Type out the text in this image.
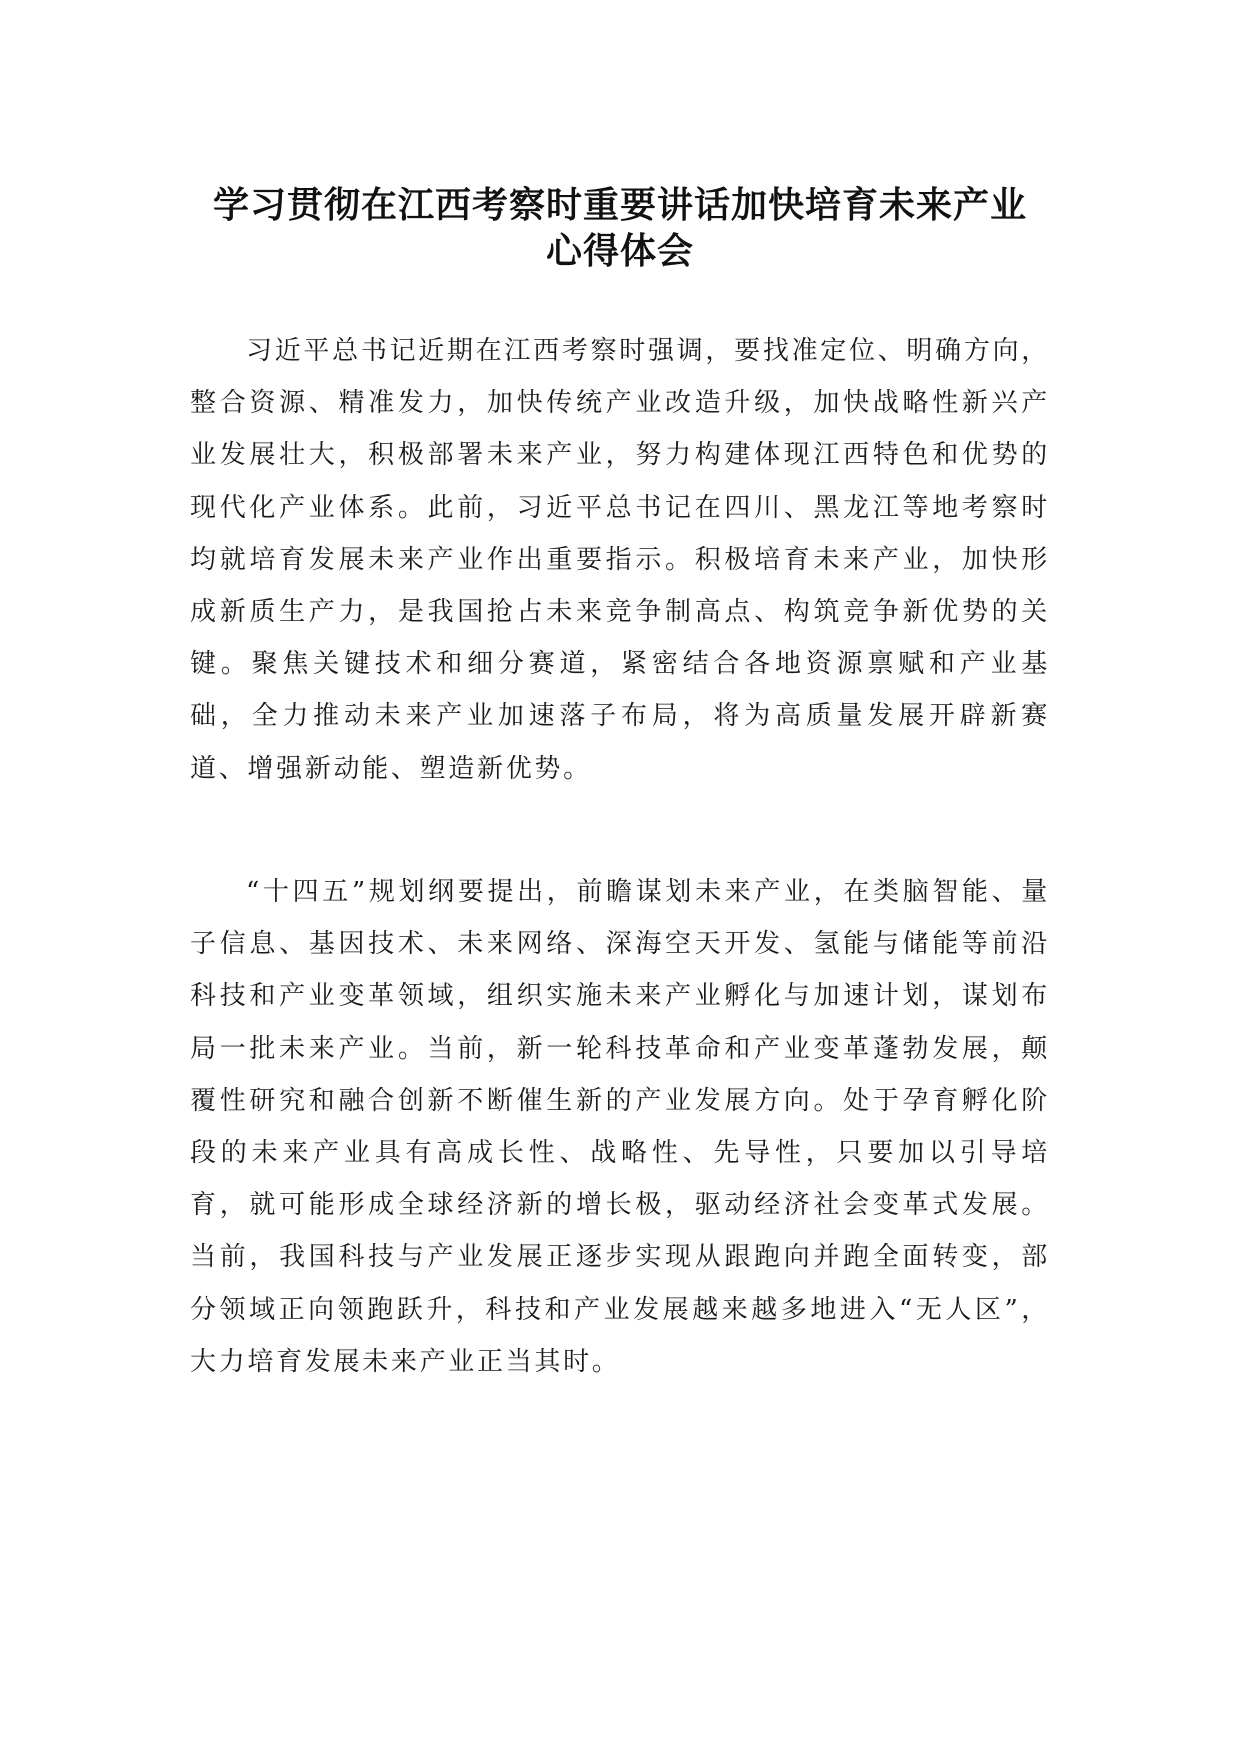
学习贯彻在江西考察时重要讲话加快培育未来产业
心得体会

习近平总书记近期在江西考察时强调，要找准定位、明确方向，整合资源、精准发力，加快传统产业改造升级，加快战略性新兴产业发展壮大，积极部署未来产业，努力构建体现江西特色和优势的现代化产业体系。此前，习近平总书记在四川、黑龙江等地考察时均就培育发展未来产业作出重要指示。积极培育未来产业，加快形成新质生产力，是我国抢占未来竞争制高点、构筑竞争新优势的关键。聚焦关键技术和细分赛道，紧密结合各地资源禀赋和产业基础，全力推动未来产业加速落子布局，将为高质量发展开辟新赛道、增强新动能、塑造新优势。

“十四五”规划纲要提出，前瞻谋划未来产业，在类脑智能、量子信息、基因技术、未来网络、深海空天开发、氢能与储能等前沿科技和产业变革领域，组织实施未来产业孵化与加速计划，谋划布局一批未来产业。当前，新一轮科技革命和产业变革蓬勃发展，颠覆性研究和融合创新不断催生新的产业发展方向。处于孕育孵化阶段的未来产业具有高成长性、战略性、先导性，只要加以引导培育，就可能形成全球经济新的增长极，驱动经济社会变革式发展。当前，我国科技与产业发展正逐步实现从跟跑向并跑全面转变，部分领域正向领跑跃升，科技和产业发展越来越多地进入“无人区”，大力培育发展未来产业正当其时。
